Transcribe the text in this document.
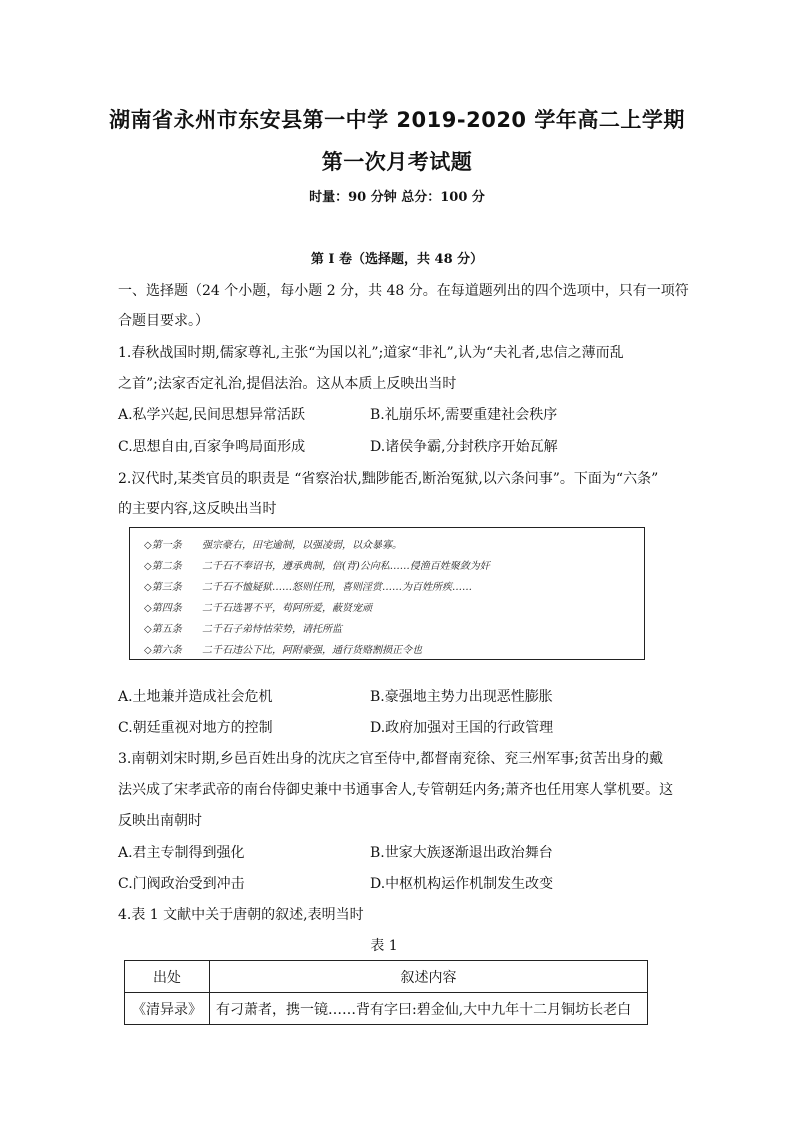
湖南省永州市东安县第一中学 2019-2020 学年高二上学期
第一次月考试题
时量：90 分钟 总分：100 分
第 I 卷（选择题，共 48 分）
一、选择题（24 个小题，每小题 2 分，共 48 分。在每道题列出的四个选项中，只有一项符
合题目要求。）
1.春秋战国时期,儒家尊礼,主张“为国以礼”;道家“非礼”,认为“夫礼者,忠信之薄而乱
之首”;法家否定礼治,提倡法治。这从本质上反映出当时
A.私学兴起,民间思想异常活跃	B.礼崩乐坏,需要重建社会秩序
C.思想自由,百家争鸣局面形成	D.诸侯争霸,分封秩序开始瓦解
2.汉代时,某类官员的职责是 “省察治状,黜陟能否,断治冤狱,以六条问事”。下面为“六条”
的主要内容,这反映出当时
◇第一条 强宗豪右，田宅逾制，以强凌弱，以众暴寡。
◇第二条 二千石不奉诏书，遵承典制，倍(背)公向私……侵渔百姓聚敛为奸
◇第三条 二千石不恤疑狱……怒则任刑，喜则淫赏……为百姓所疾……
◇第四条 二千石选署不平，苟阿所爱，蔽贤宠顽
◇第五条 二千石子弟恃怙荣势，请托所监
◇第六条 二千石违公下比，阿附豪强，通行货赂割损正令也
A.土地兼并造成社会危机	B.豪强地主势力出现恶性膨胀
C.朝廷重视对地方的控制	D.政府加强对王国的行政管理
3.南朝刘宋时期,乡邑百姓出身的沈庆之官至侍中,都督南兖徐、兖三州军事;贫苦出身的戴
法兴成了宋孝武帝的南台侍御史兼中书通事舍人,专管朝廷内务;萧齐也任用寒人掌机要。这
反映出南朝时
A.君主专制得到强化	B.世家大族逐渐退出政治舞台
C.门阀政治受到冲击	D.中枢机构运作机制发生改变
4.表 1 文献中关于唐朝的叙述,表明当时
表 1
出处	叙述内容
《清异录》	有刁萧者，携一镜……背有字曰:碧金仙,大中九年十二月铜坊长老白
